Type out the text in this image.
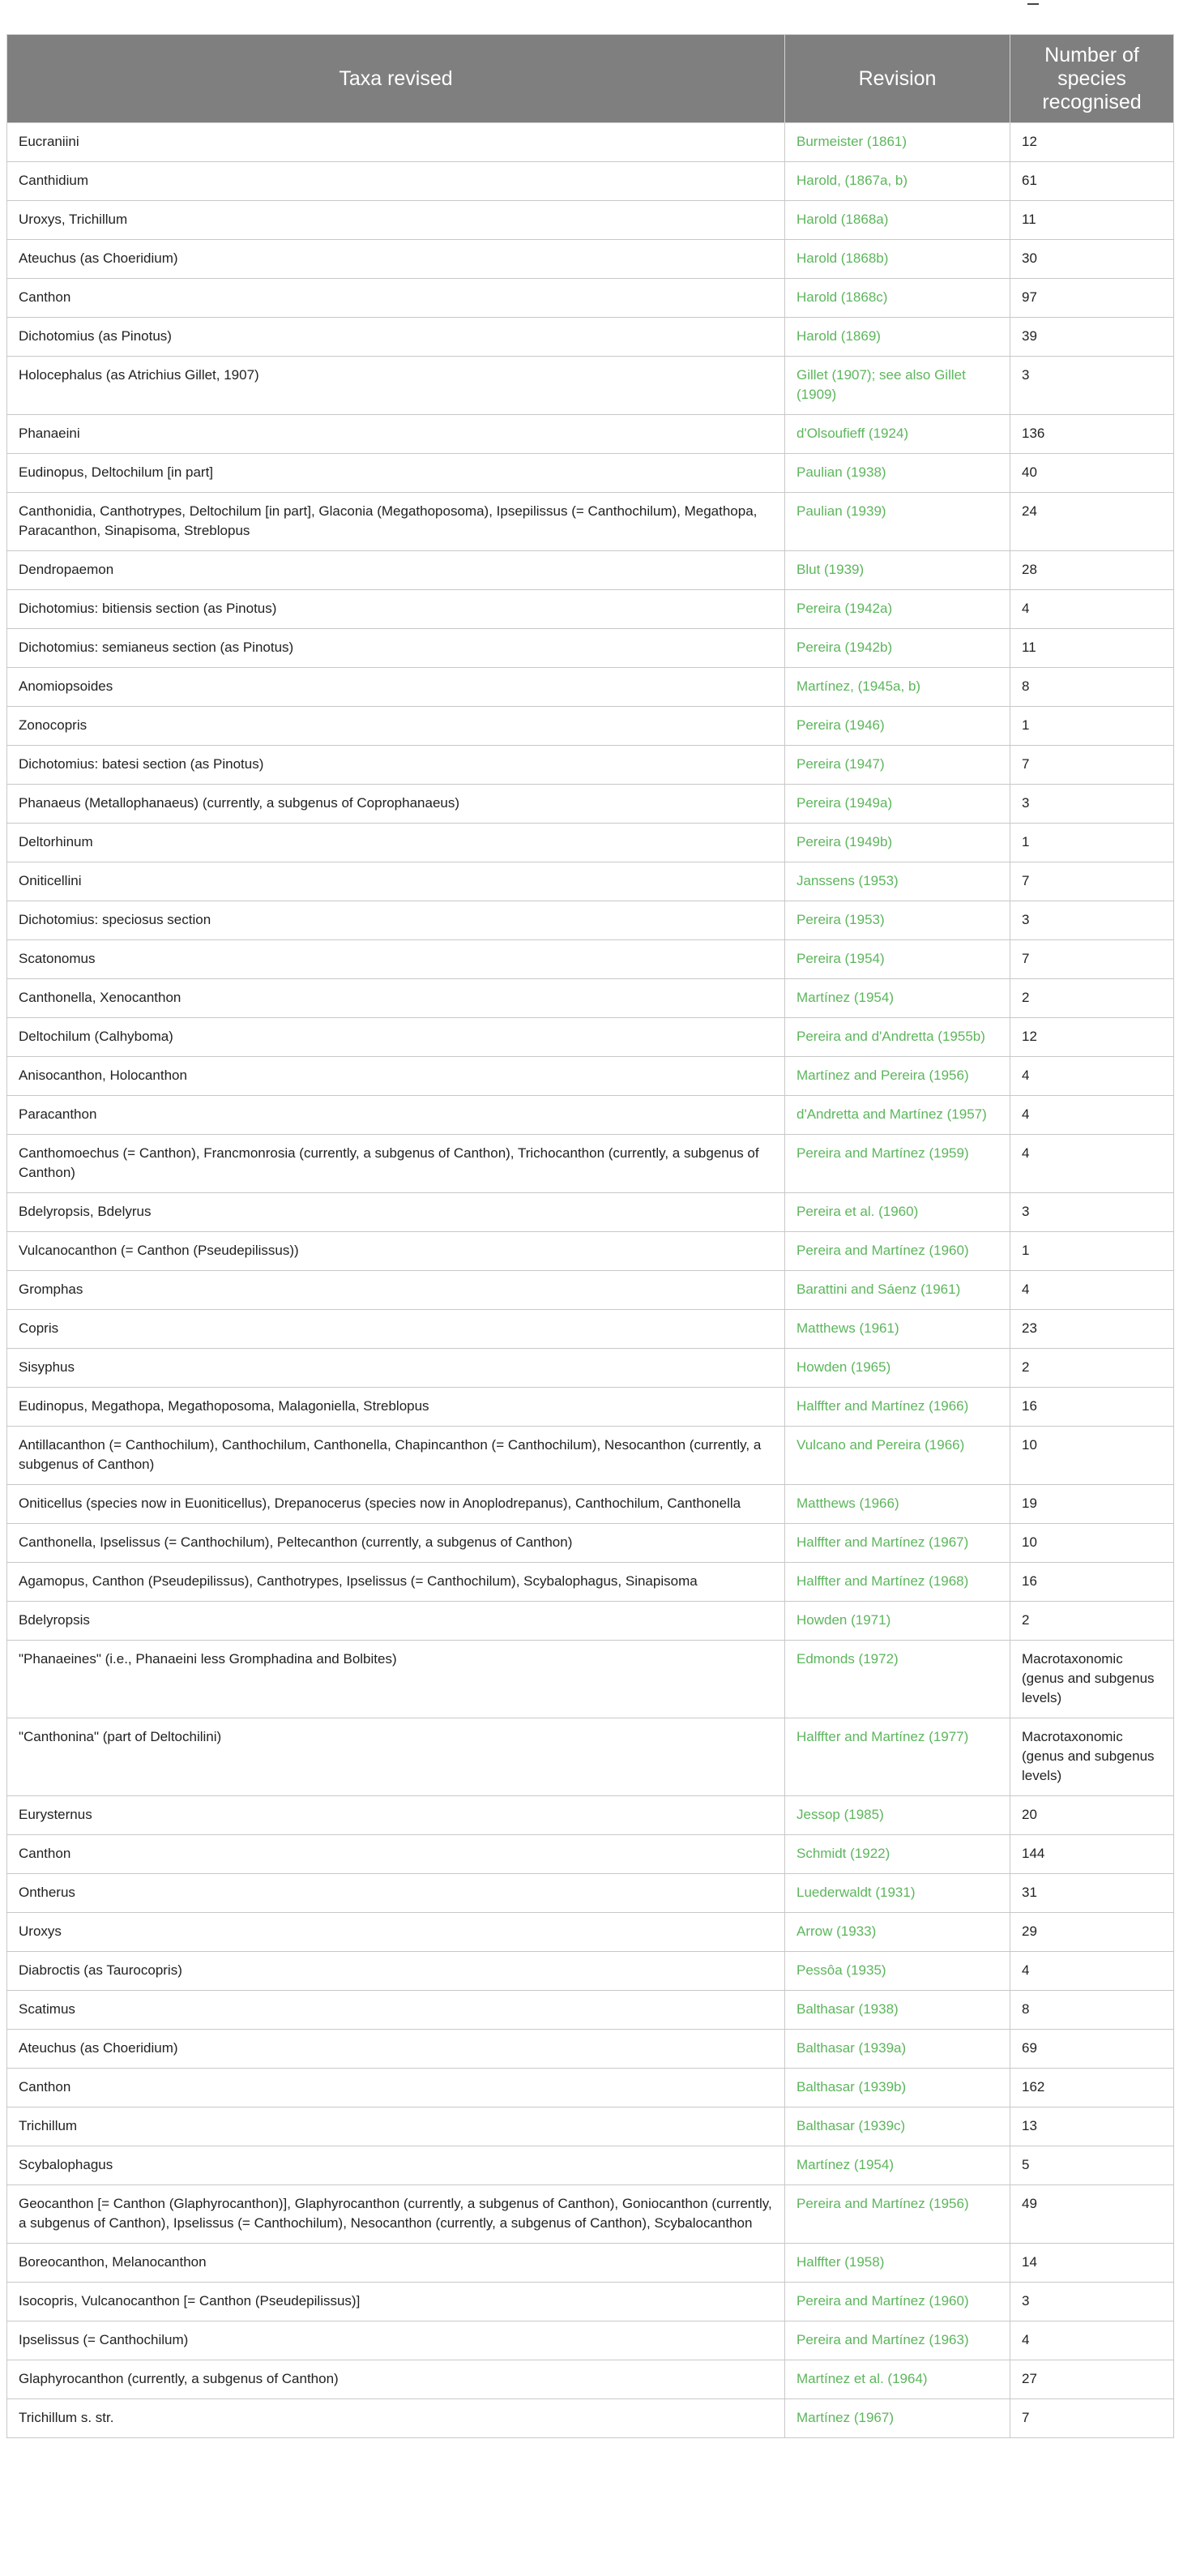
Taxa revised	Revision	Number of species recognised
Eucraniini	Burmeister (1861)	12
Canthidium	Harold, (1867a, b)	61
Uroxys, Trichillum	Harold (1868a)	11
Ateuchus (as Choeridium)	Harold (1868b)	30
Canthon	Harold (1868c)	97
Dichotomius (as Pinotus)	Harold (1869)	39
Holocephalus (as Atrichius Gillet, 1907)	Gillet (1907); see also Gillet (1909)	3
Phanaeini	d'Olsoufieff (1924)	136
Eudinopus, Deltochilum [in part]	Paulian (1938)	40
Canthonidia, Canthotrypes, Deltochilum [in part], Glaconia (Megathoposoma), Ipsepilissus (= Canthochilum), Megathopa, Paracanthon, Sinapisoma, Streblopus	Paulian (1939)	24
Dendropaemon	Blut (1939)	28
Dichotomius: bitiensis section (as Pinotus)	Pereira (1942a)	4
Dichotomius: semianeus section (as Pinotus)	Pereira (1942b)	11
Anomiopsoides	Martínez, (1945a, b)	8
Zonocopris	Pereira (1946)	1
Dichotomius: batesi section (as Pinotus)	Pereira (1947)	7
Phanaeus (Metallophanaeus) (currently, a subgenus of Coprophanaeus)	Pereira (1949a)	3
Deltorhinum	Pereira (1949b)	1
Oniticellini	Janssens (1953)	7
Dichotomius: speciosus section	Pereira (1953)	3
Scatonomus	Pereira (1954)	7
Canthonella, Xenocanthon	Martínez (1954)	2
Deltochilum (Calhyboma)	Pereira and d'Andretta (1955b)	12
Anisocanthon, Holocanthon	Martínez and Pereira (1956)	4
Paracanthon	d'Andretta and Martínez (1957)	4
Canthomoechus (= Canthon), Francmonrosia (currently, a subgenus of Canthon), Trichocanthon (currently, a subgenus of Canthon)	Pereira and Martínez (1959)	4
Bdelyropsis, Bdelyrus	Pereira et al. (1960)	3
Vulcanocanthon (= Canthon (Pseudepilissus))	Pereira and Martínez (1960)	1
Gromphas	Barattini and Sáenz (1961)	4
Copris	Matthews (1961)	23
Sisyphus	Howden (1965)	2
Eudinopus, Megathopa, Megathoposoma, Malagoniella, Streblopus	Halffter and Martínez (1966)	16
Antillacanthon (= Canthochilum), Canthochilum, Canthonella, Chapincanthon (= Canthochilum), Nesocanthon (currently, a subgenus of Canthon)	Vulcano and Pereira (1966)	10
Oniticellus (species now in Euoniticellus), Drepanocerus (species now in Anoplodrepanus), Canthochilum, Canthonella	Matthews (1966)	19
Canthonella, Ipselissus (= Canthochilum), Peltecanthon (currently, a subgenus of Canthon)	Halffter and Martínez (1967)	10
Agamopus, Canthon (Pseudepilissus), Canthotrypes, Ipselissus (= Canthochilum), Scybalophagus, Sinapisoma	Halffter and Martínez (1968)	16
Bdelyropsis	Howden (1971)	2
"Phanaeines" (i.e., Phanaeini less Gromphadina and Bolbites)	Edmonds (1972)	Macrotaxonomic (genus and subgenus levels)
"Canthonina" (part of Deltochilini)	Halffter and Martínez (1977)	Macrotaxonomic (genus and subgenus levels)
Eurysternus	Jessop (1985)	20
Canthon	Schmidt (1922)	144
Ontherus	Luederwaldt (1931)	31
Uroxys	Arrow (1933)	29
Diabroctis (as Taurocopris)	Pessôa (1935)	4
Scatimus	Balthasar (1938)	8
Ateuchus (as Choeridium)	Balthasar (1939a)	69
Canthon	Balthasar (1939b)	162
Trichillum	Balthasar (1939c)	13
Scybalophagus	Martínez (1954)	5
Geocanthon [= Canthon (Glaphyrocanthon)], Glaphyrocanthon (currently, a subgenus of Canthon), Goniocanthon (currently, a subgenus of Canthon), Ipselissus (= Canthochilum), Nesocanthon (currently, a subgenus of Canthon), Scybalocanthon	Pereira and Martínez (1956)	49
Boreocanthon, Melanocanthon	Halffter (1958)	14
Isocopris, Vulcanocanthon [= Canthon (Pseudepilissus)]	Pereira and Martínez (1960)	3
Ipselissus (= Canthochilum)	Pereira and Martínez (1963)	4
Glaphyrocanthon (currently, a subgenus of Canthon)	Martínez et al. (1964)	27
Trichillum s. str.	Martínez (1967)	7
